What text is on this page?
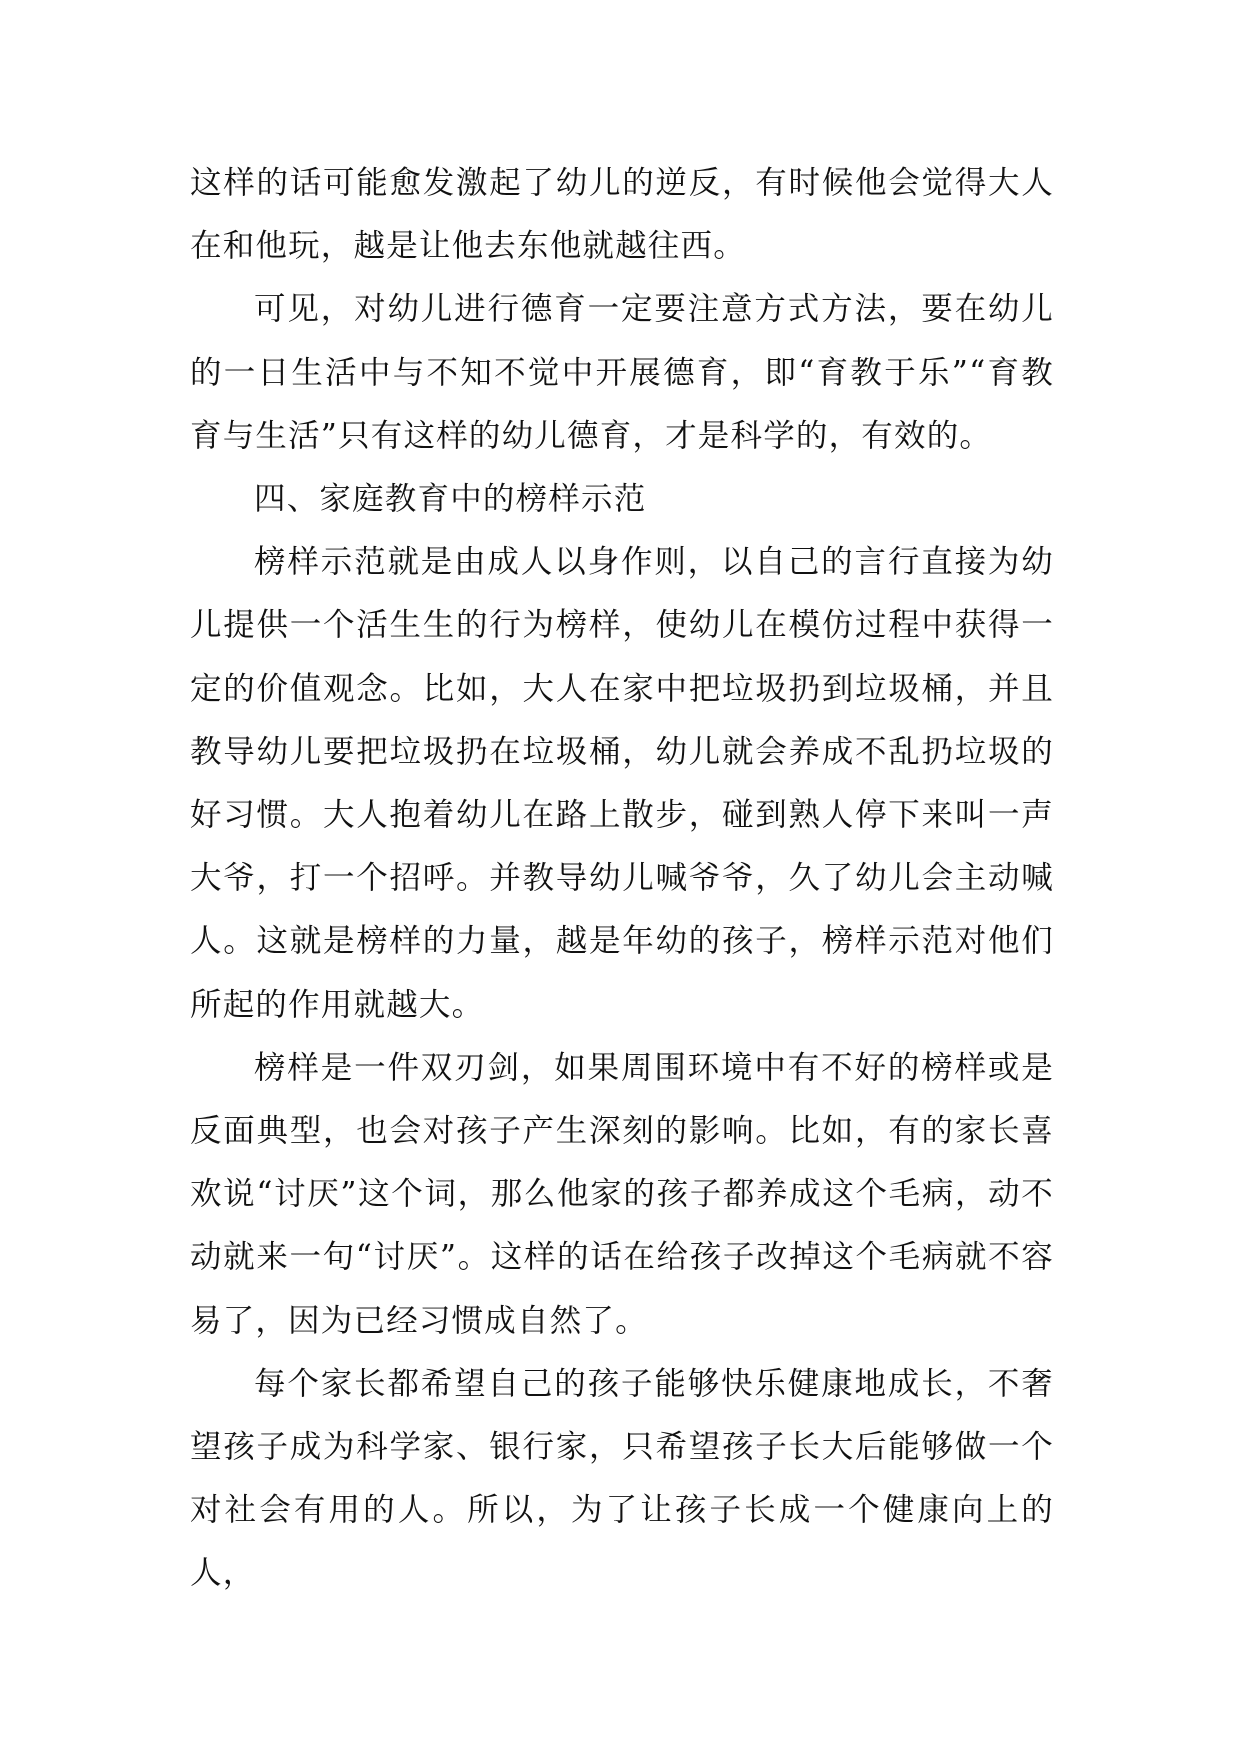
这样的话可能愈发激起了幼儿的逆反，有时候他会觉得大人在和他玩，越是让他去东他就越往西。

可见，对幼儿进行德育一定要注意方式方法，要在幼儿的一日生活中与不知不觉中开展德育，即“育教于乐”“育教育与生活”只有这样的幼儿德育，才是科学的，有效的。

四、家庭教育中的榜样示范

榜样示范就是由成人以身作则，以自己的言行直接为幼儿提供一个活生生的行为榜样，使幼儿在模仿过程中获得一定的价值观念。比如，大人在家中把垃圾扔到垃圾桶，并且教导幼儿要把垃圾扔在垃圾桶，幼儿就会养成不乱扔垃圾的好习惯。大人抱着幼儿在路上散步，碰到熟人停下来叫一声大爷，打一个招呼。并教导幼儿喊爷爷，久了幼儿会主动喊人。这就是榜样的力量，越是年幼的孩子，榜样示范对他们所起的作用就越大。

榜样是一件双刃剑，如果周围环境中有不好的榜样或是反面典型，也会对孩子产生深刻的影响。比如，有的家长喜欢说“讨厌”这个词，那么他家的孩子都养成这个毛病，动不动就来一句“讨厌”。这样的话在给孩子改掉这个毛病就不容易了，因为已经习惯成自然了。

每个家长都希望自己的孩子能够快乐健康地成长，不奢望孩子成为科学家、银行家，只希望孩子长大后能够做一个对社会有用的人。所以，为了让孩子长成一个健康向上的人，
